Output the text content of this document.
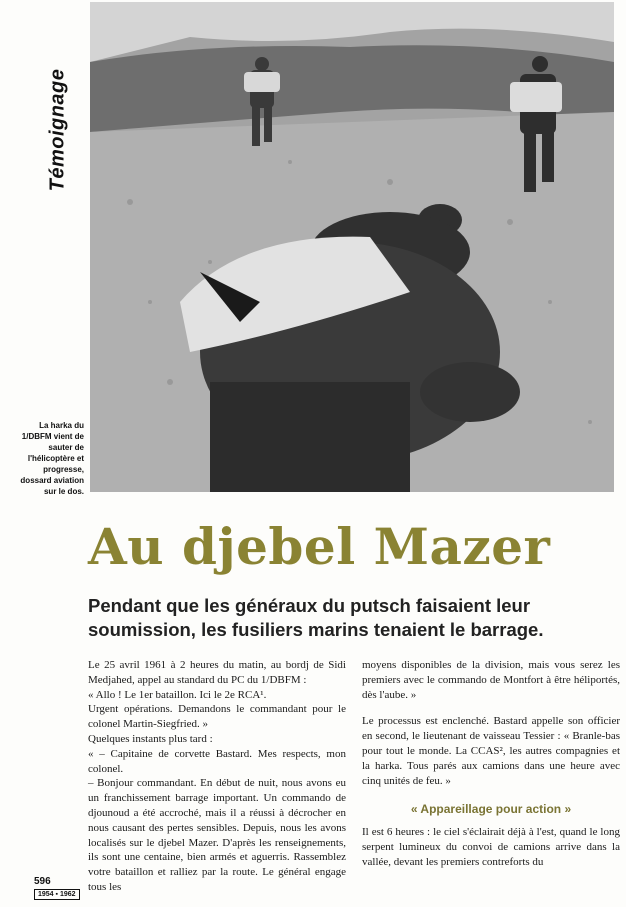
Témoignage
La harka du 1/DBFM vient de sauter de l'hélicoptère et progresse, dossard aviation sur le dos.
Au djebel Mazer
Pendant que les généraux du putsch faisaient leur soumission, les fusiliers marins tenaient le barrage.

Le 25 avril 1961 à 2 heures du matin, au bordj de Sidi Medjahed, appel au standard du PC du 1/DBFM :

« Allo ! Le 1er bataillon. Ici le 2e RCA¹.

Urgent opérations. Demandons le commandant pour le colonel Martin-Siegfried. »

Quelques instants plus tard :

« – Capitaine de corvette Bastard. Mes respects, mon colonel.

– Bonjour commandant. En début de nuit, nous avons eu un franchissement barrage important. Un commando de djounoud a été accroché, mais il a réussi à décrocher en nous causant des pertes sensibles. Depuis, nous les avons localisés sur le djebel Mazer. D'après les renseignements, ils sont une centaine, bien armés et aguerris. Rassemblez votre bataillon et ralliez par la route. Le général engage tous les

moyens disponibles de la division, mais vous serez les premiers avec le commando de Montfort à être héliportés, dès l'aube. »

Le processus est enclenché. Bastard appelle son officier en second, le lieutenant de vaisseau Tessier : « Branle-bas pour tout le monde. La CCAS², les autres compagnies et la harka. Tous parés aux camions dans une heure avec cinq unités de feu. »

« Appareillage pour action »

Il est 6 heures : le ciel s'éclairait déjà à l'est, quand le long serpent lumineux du convoi de camions arrive dans la vallée, devant les premiers contreforts du

596
1954 ▪ 1962
